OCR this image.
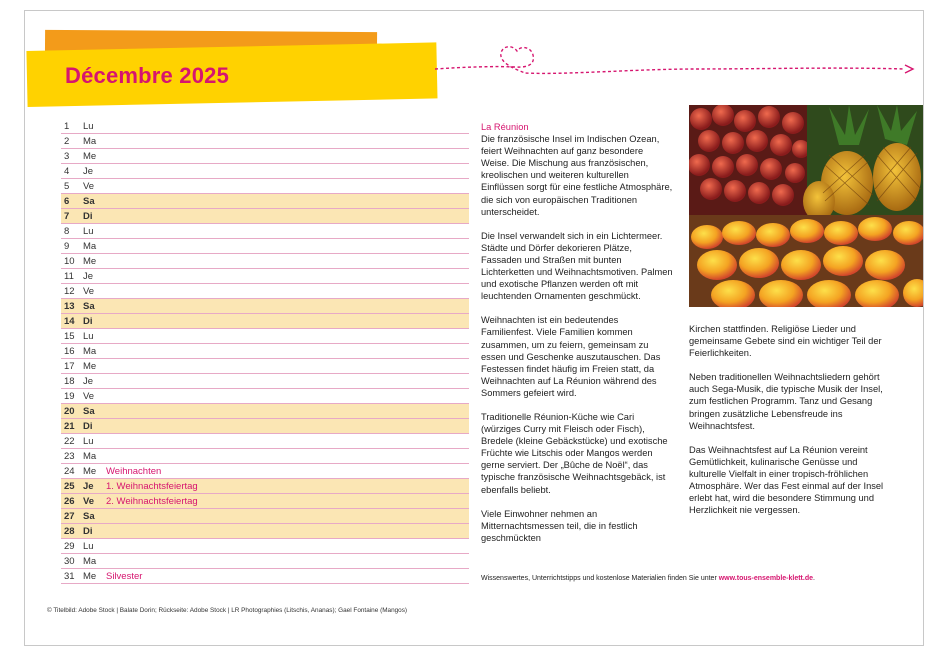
Décembre 2025
1	Lu
2	Ma
3	Me
4	Je
5	Ve
6	Sa
7	Di
8	Lu
9	Ma
10 Me
11 Je
12 Ve
13 Sa
14 Di
15 Lu
16 Ma
17 Me
18 Je
19 Ve
20 Sa
21 Di
22 Lu
23 Ma
24 Me	Weihnachten
25 Je	1. Weihnachtsfeiertag
26 Ve	2. Weihnachtsfeiertag
27 Sa
28 Di
29 Lu
30 Ma
31 Me	Silvester
La Réunion

Die französische Insel im Indischen Ozean, feiert Weihnachten auf ganz besondere Weise. Die Mischung aus französischen, kreolischen und weiteren kulturellen Einflüssen sorgt für eine festliche Atmosphäre, die sich von europäischen Traditionen unterscheidet.

Die Insel verwandelt sich in ein Lichtermeer. Städte und Dörfer dekorieren Plätze, Fassaden und Straßen mit bunten Lichterketten und Weihnachtsmotiven. Palmen und exotische Pflanzen werden oft mit leuchtenden Ornamenten geschmückt.

Weihnachten ist ein bedeutendes Familienfest. Viele Familien kommen zusammen, um zu feiern, gemeinsam zu essen und Geschenke auszutauschen. Das Festessen findet häufig im Freien statt, da Weihnachten auf La Réunion während des Sommers gefeiert wird.

Traditionelle Réunion-Küche wie Cari (würziges Curry mit Fleisch oder Fisch), Bredele (kleine Gebäckstücke) und exotische Früchte wie Litschis oder Mangos werden gerne serviert. Der „Bûche de Noël“, das typische französische Weihnachtsgebäck, ist ebenfalls beliebt.

Viele Einwohner nehmen an Mitternachtsmessen teil, die in festlich geschmückten

Kirchen stattfinden. Religiöse Lieder und gemeinsame Gebete sind ein wichtiger Teil der Feierlichkeiten.

Neben traditionellen Weihnachtsliedern gehört auch Sega-Musik, die typische Musik der Insel, zum festlichen Programm. Tanz und Gesang bringen zusätzliche Lebensfreude ins Weihnachtsfest.

Das Weihnachtsfest auf La Réunion vereint Gemütlichkeit, kulinarische Genüsse und kulturelle Vielfalt in einer tropisch-fröhlichen Atmosphäre. Wer das Fest einmal auf der Insel erlebt hat, wird die besondere Stimmung und Herzlichkeit nie vergessen.

Wissenswertes, Unterrichtstipps und kostenlose Materialien finden Sie unter www.tous-ensemble-klett.de.
© Titelbild: Adobe Stock | Balate Dorin; Rückseite: Adobe Stock | LR Photographies (Litschis, Ananas); Gael Fontaine (Mangos)
